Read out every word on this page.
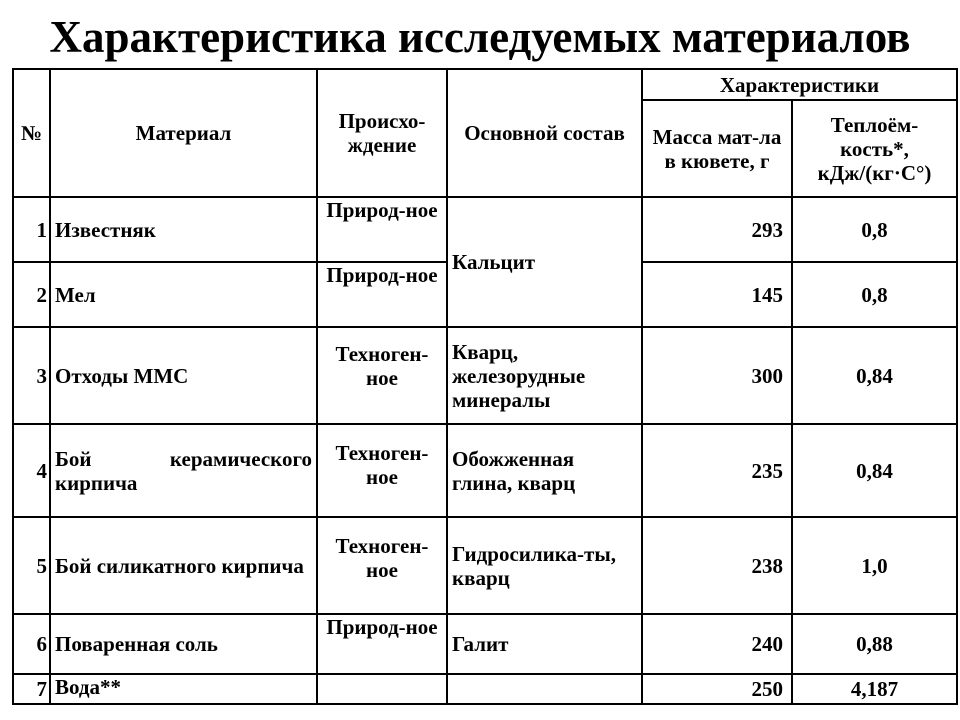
Характеристика исследуемых материалов
№	Материал	Происхо-ждение	Основной состав	Характеристики	
				Масса мат-ла в кювете, г	Теплоём-кость*, кДж/(кг·С°)
1	Известняк	Природ-ное	Кальцит	293	0,8
2	Мел	Природ-ное		145	0,8
3	Отходы ММС	Техноген-ное	Кварц, железорудные минералы	300	0,84
4	Бой керамического кирпича	Техноген-ное	Обожженная глина, кварц	235	0,84
5	Бой силикатного кирпича	Техноген-ное	Гидросилика-ты, кварц	238	1,0
6	Поваренная соль	Природ-ное	Галит	240	0,88
7	Вода**			250	4,187
